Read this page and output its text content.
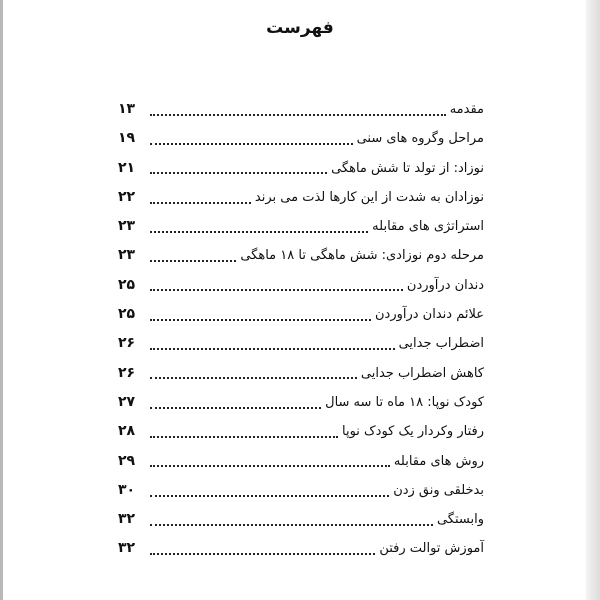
فهرست
مقدمه
۱۳
مراحل وگروه های سنی
۱۹
نوزاد: از تولد تا شش ماهگی
۲۱
نوزادان به شدت از این کارها لذت می برند
۲۲
استراتژی های مقابله
۲۳
مرحله دوم نوزادی: شش ماهگی تا ۱۸ ماهگی
۲۳
دندان درآوردن
۲۵
علائم دندان درآوردن
۲۵
اضطراب جدایی
۲۶
کاهش اضطراب جدایی
۲۶
کودک نوپا: ۱۸ ماه تا سه سال
۲۷
رفتار وکردار یک کودک نوپا
۲۸
روش های مقابله
۲۹
بدخلقی ونق زدن
۳۰
وابستگی
۳۲
آموزش توالت رفتن
۳۲
